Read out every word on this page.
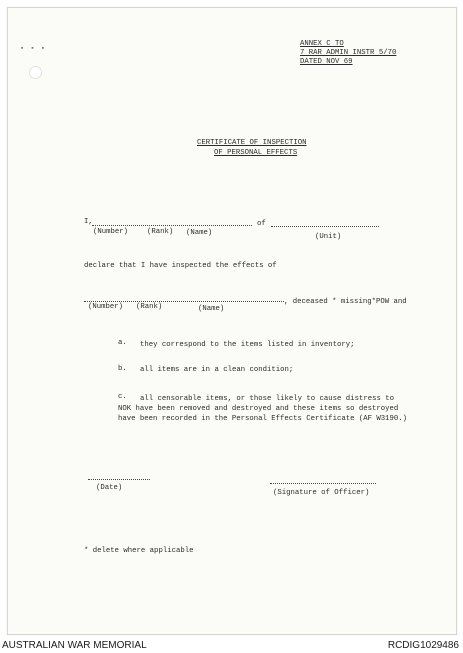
▪ ▪ ▪
ANNEX C TO
7 RAR ADMIN INSTR 5/70
DATED NOV 69
CERTIFICATE OF INSPECTION
OF PERSONAL EFFECTS
I,	of
(Number)	(Rank) (Name)	(Unit)
declare that I have inspected the effects of
, deceased * missing*POW and
(Number) (Rank)	(Name)
a. they correspond to the items listed in inventory;
b. all items are in a clean condition;
c. all censorable items, or those likely to cause distress to
NOK have been removed and destroyed and these items so destroyed
have been recorded in the Personal Effects Certificate (AF W3190.)
(Date)
(Signature of Officer)
* delete where applicable
AUSTRALIAN WAR MEMORIAL	RCDIG1029486
